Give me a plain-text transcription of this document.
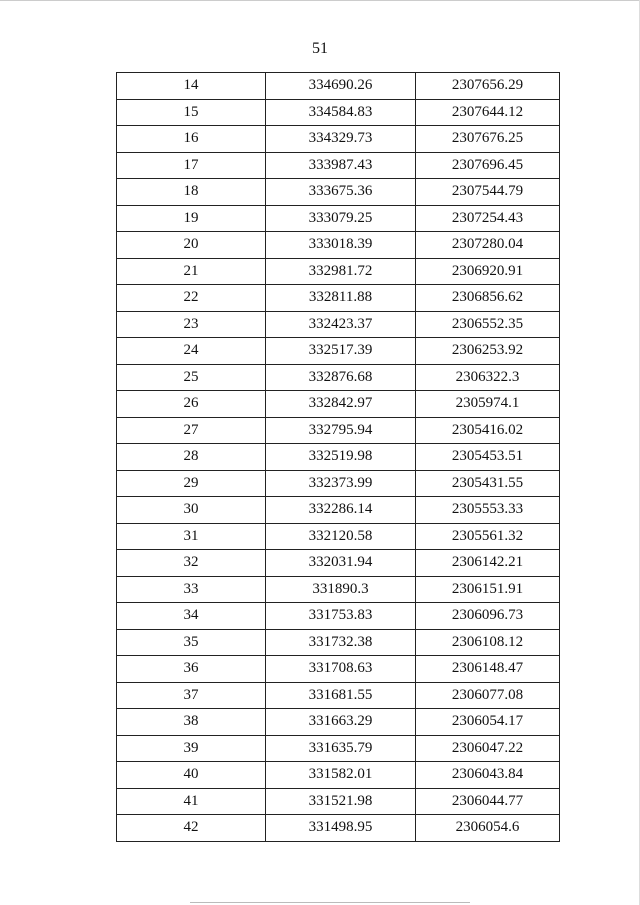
51
14	334690.26	2307656.29
15	334584.83	2307644.12
16	334329.73	2307676.25
17	333987.43	2307696.45
18	333675.36	2307544.79
19	333079.25	2307254.43
20	333018.39	2307280.04
21	332981.72	2306920.91
22	332811.88	2306856.62
23	332423.37	2306552.35
24	332517.39	2306253.92
25	332876.68	2306322.3
26	332842.97	2305974.1
27	332795.94	2305416.02
28	332519.98	2305453.51
29	332373.99	2305431.55
30	332286.14	2305553.33
31	332120.58	2305561.32
32	332031.94	2306142.21
33	331890.3	2306151.91
34	331753.83	2306096.73
35	331732.38	2306108.12
36	331708.63	2306148.47
37	331681.55	2306077.08
38	331663.29	2306054.17
39	331635.79	2306047.22
40	331582.01	2306043.84
41	331521.98	2306044.77
42	331498.95	2306054.6
